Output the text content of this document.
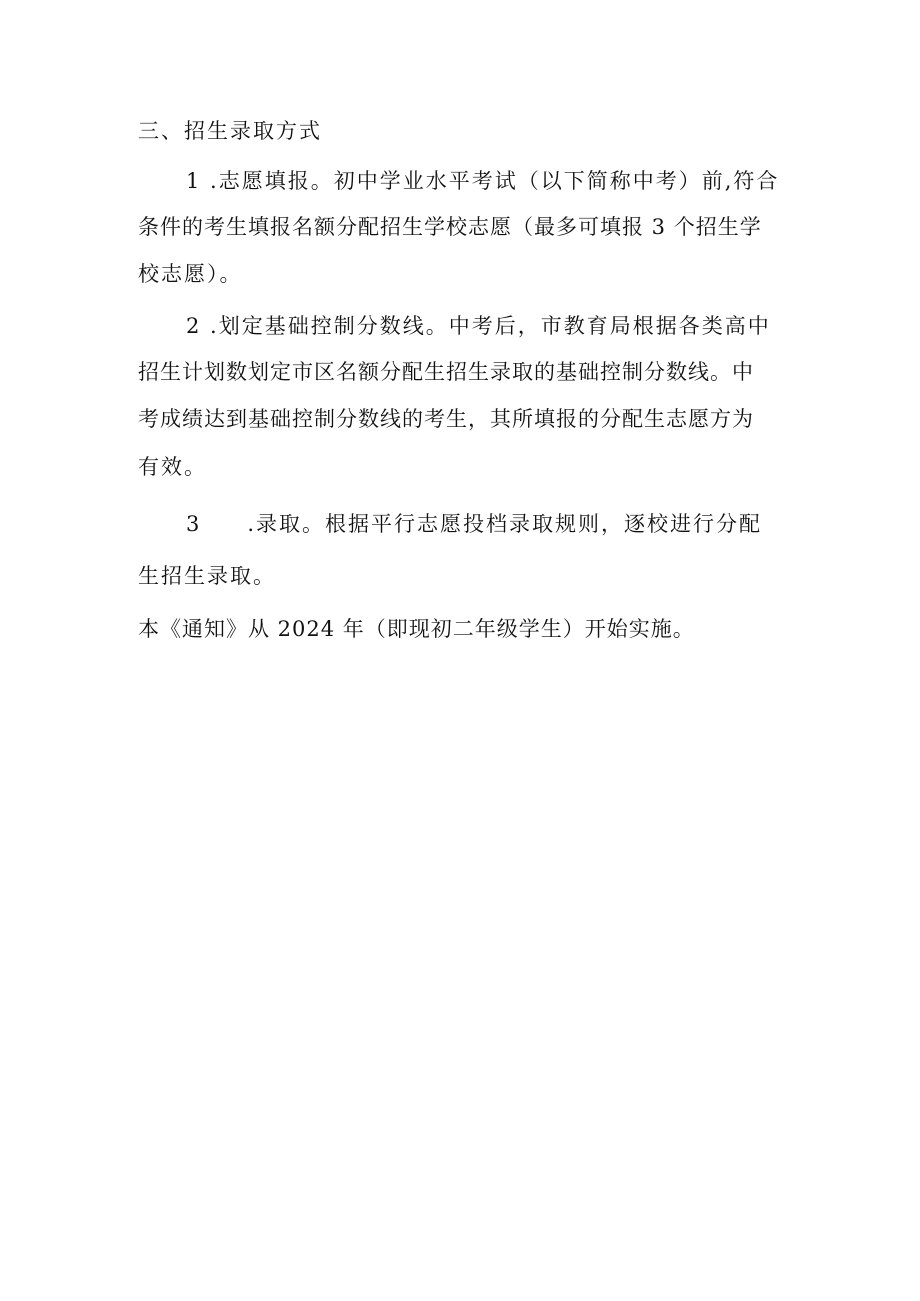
三、招生录取方式
1 .志愿填报。初中学业水平考试（以下简称中考）前,符合
条件的考生填报名额分配招生学校志愿（最多可填报 3 个招生学
校志愿）。
2 .划定基础控制分数线。中考后，市教育局根据各类高中
招生计划数划定市区名额分配生招生录取的基础控制分数线。中
考成绩达到基础控制分数线的考生，其所填报的分配生志愿方为
有效。
3　　.录取。根据平行志愿投档录取规则，逐校进行分配
生招生录取。
本《通知》从 2024 年（即现初二年级学生）开始实施。
